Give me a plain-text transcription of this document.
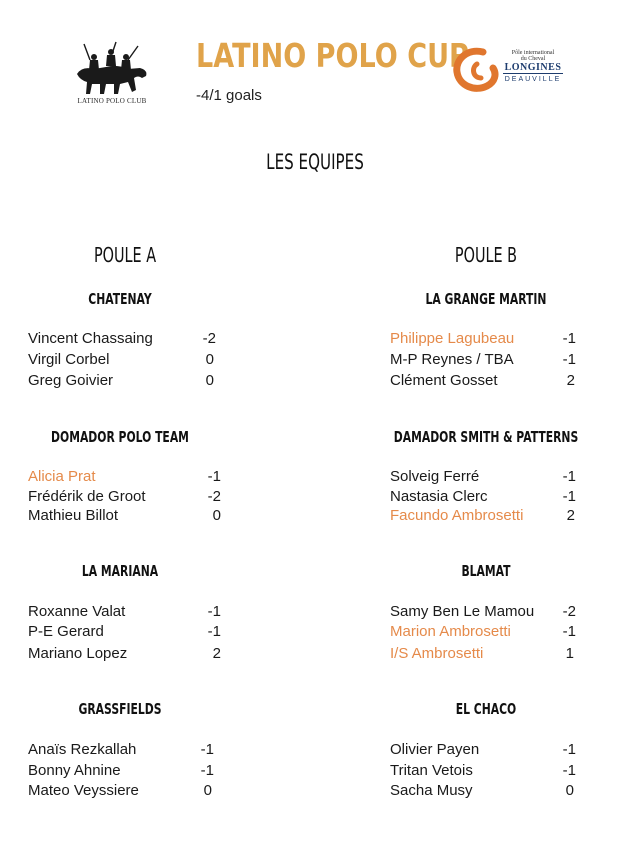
LATINO POLO CLUB
LATINO POLO CUP
-4/1 goals
Pôle international
du Cheval
LONGINES
DEAUVILLE
LES EQUIPES
POULE A	POULE B
CHATENAY
Vincent Chassaing	-2
Virgil Corbel	0
Greg Goivier	0
DOMADOR POLO TEAM
Alicia Prat	-1
Frédérik de Groot	-2
Mathieu Billot	0
LA MARIANA
Roxanne Valat	-1
P-E Gerard	-1
Mariano Lopez	2
GRASSFIELDS
Anaïs Rezkallah	-1
Bonny Ahnine	-1
Mateo Veyssiere	0
LA GRANGE MARTIN
Philippe Lagubeau	-1
M-P Reynes / TBA	-1
Clément Gosset	2
DAMADOR SMITH & PATTERNS
Solveig Ferré	-1
Nastasia Clerc	-1
Facundo Ambrosetti	2
BLAMAT
Samy Ben Le Mamou	-2
Marion Ambrosetti	-1
I/S Ambrosetti	1
EL CHACO
Olivier Payen	-1
Tritan Vetois	-1
Sacha Musy	0
